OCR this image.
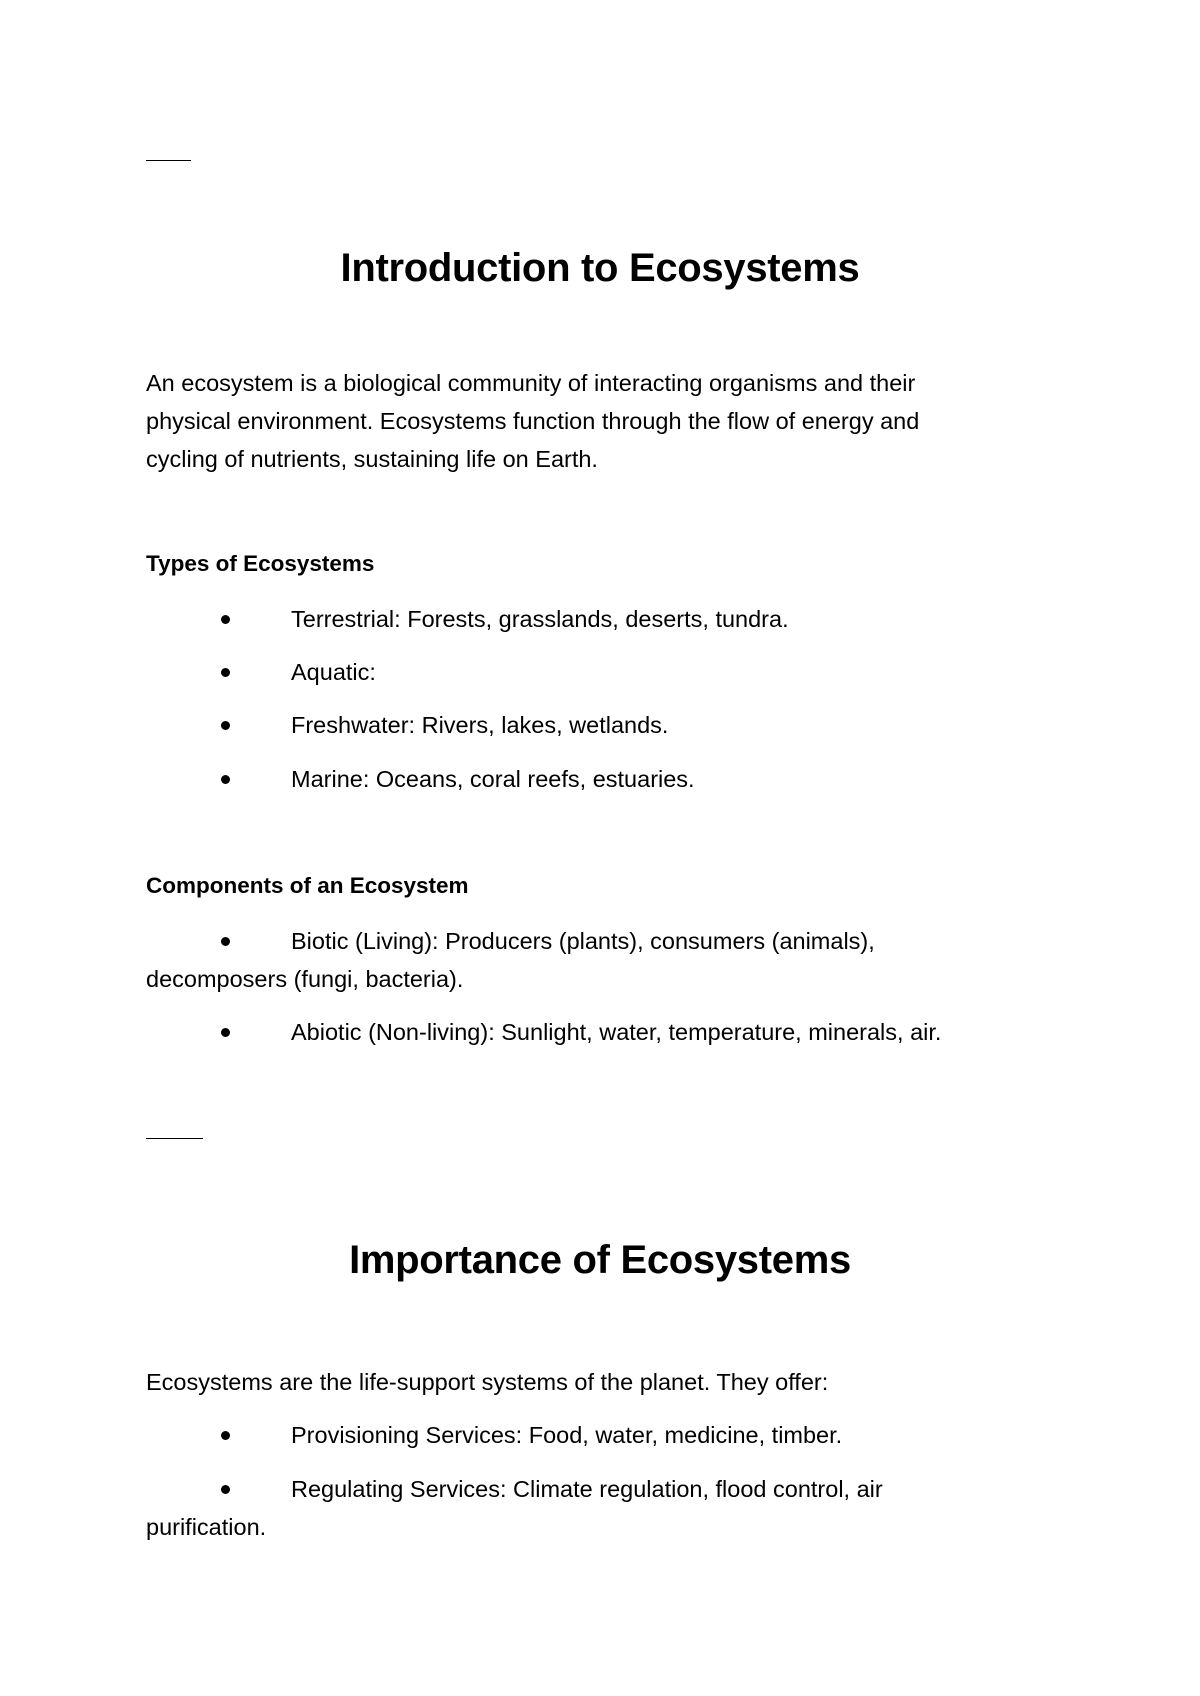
Introduction to Ecosystems
An ecosystem is a biological community of interacting organisms and their
physical environment. Ecosystems function through the flow of energy and
cycling of nutrients, sustaining life on Earth.
Types of Ecosystems
Terrestrial: Forests, grasslands, deserts, tundra.
Aquatic:
Freshwater: Rivers, lakes, wetlands.
Marine: Oceans, coral reefs, estuaries.
Components of an Ecosystem
Biotic (Living): Producers (plants), consumers (animals),
decomposers (fungi, bacteria).
Abiotic (Non-living): Sunlight, water, temperature, minerals, air.
Importance of Ecosystems
Ecosystems are the life-support systems of the planet. They offer:
Provisioning Services: Food, water, medicine, timber.
Regulating Services: Climate regulation, flood control, air
purification.
